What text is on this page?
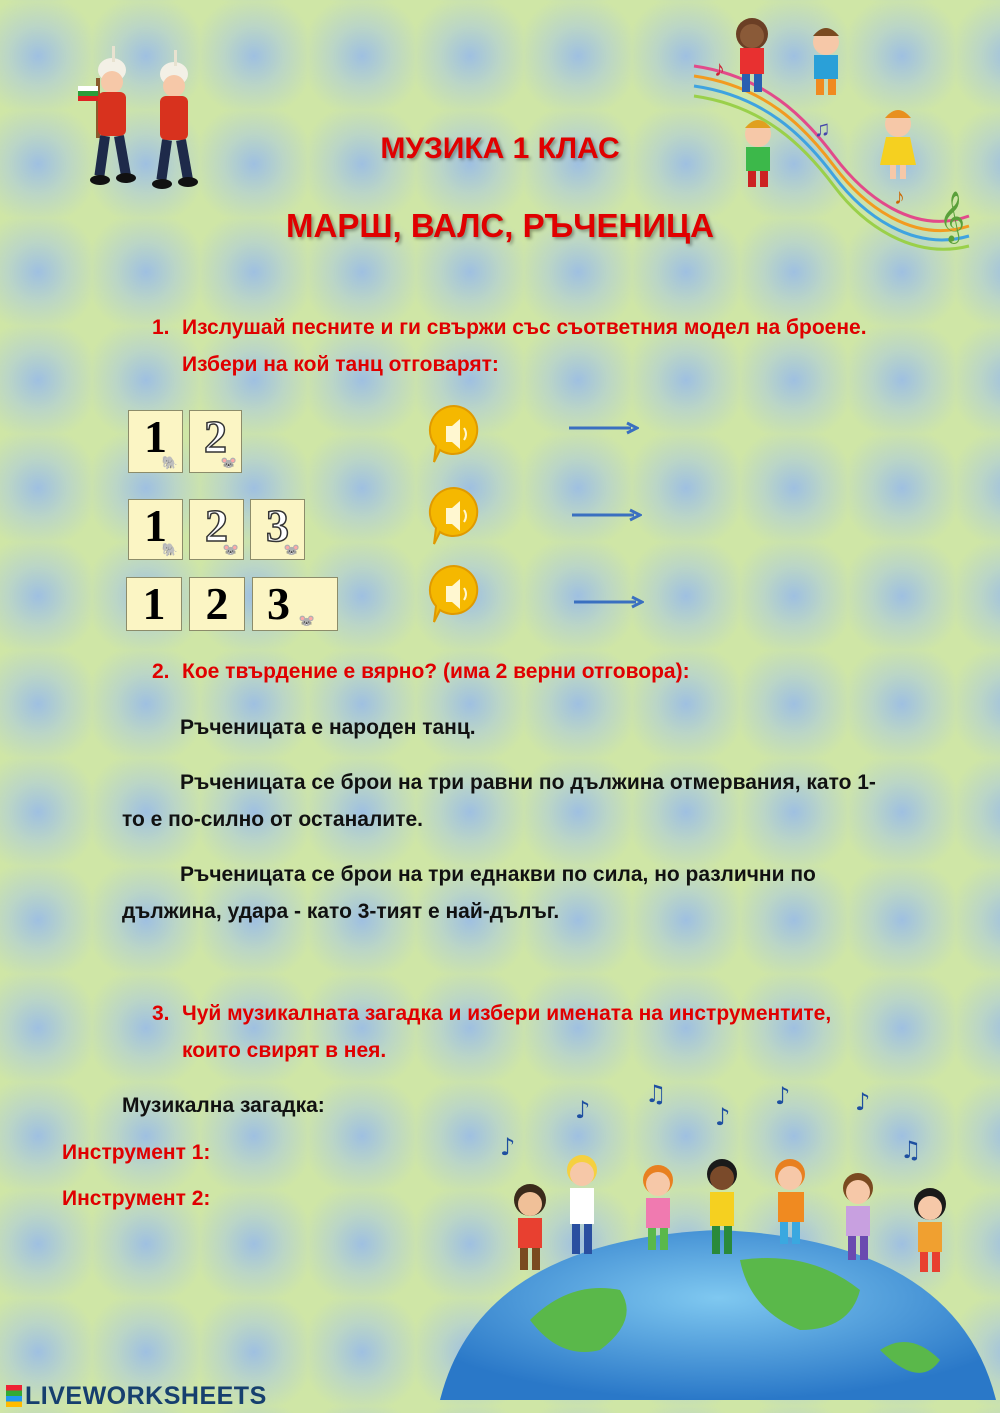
𝄞
♪
♫
♪
МУЗИКА 1 КЛАС
МАРШ, ВАЛС, РЪЧЕНИЦА
1. Изслушай песните и ги свържи със съответния модел на броене. Избери на кой танц отговарят:
1
🐘
2
🐭
1
🐘 2
🐭 3
🐭
1 2 3 🐭
2. Кое твърдение е вярно? (има 2 верни отговора):
Ръченицата е народен танц.
Ръченицата се брои на три равни по дължина отмервания, като 1-то е по-силно от останалите.
Ръченицата се брои на три еднакви по сила, но различни по дължина, удара - като 3-тият е най-дълъг.
3. Чуй музикалната загадка и избери имената на инструментите, които свирят в нея.
Музикална загадка:
Инструмент 1:
Инструмент 2:
♪
♪
♫
♪
♪	♪
♫
LIVEWORKSHEETS
